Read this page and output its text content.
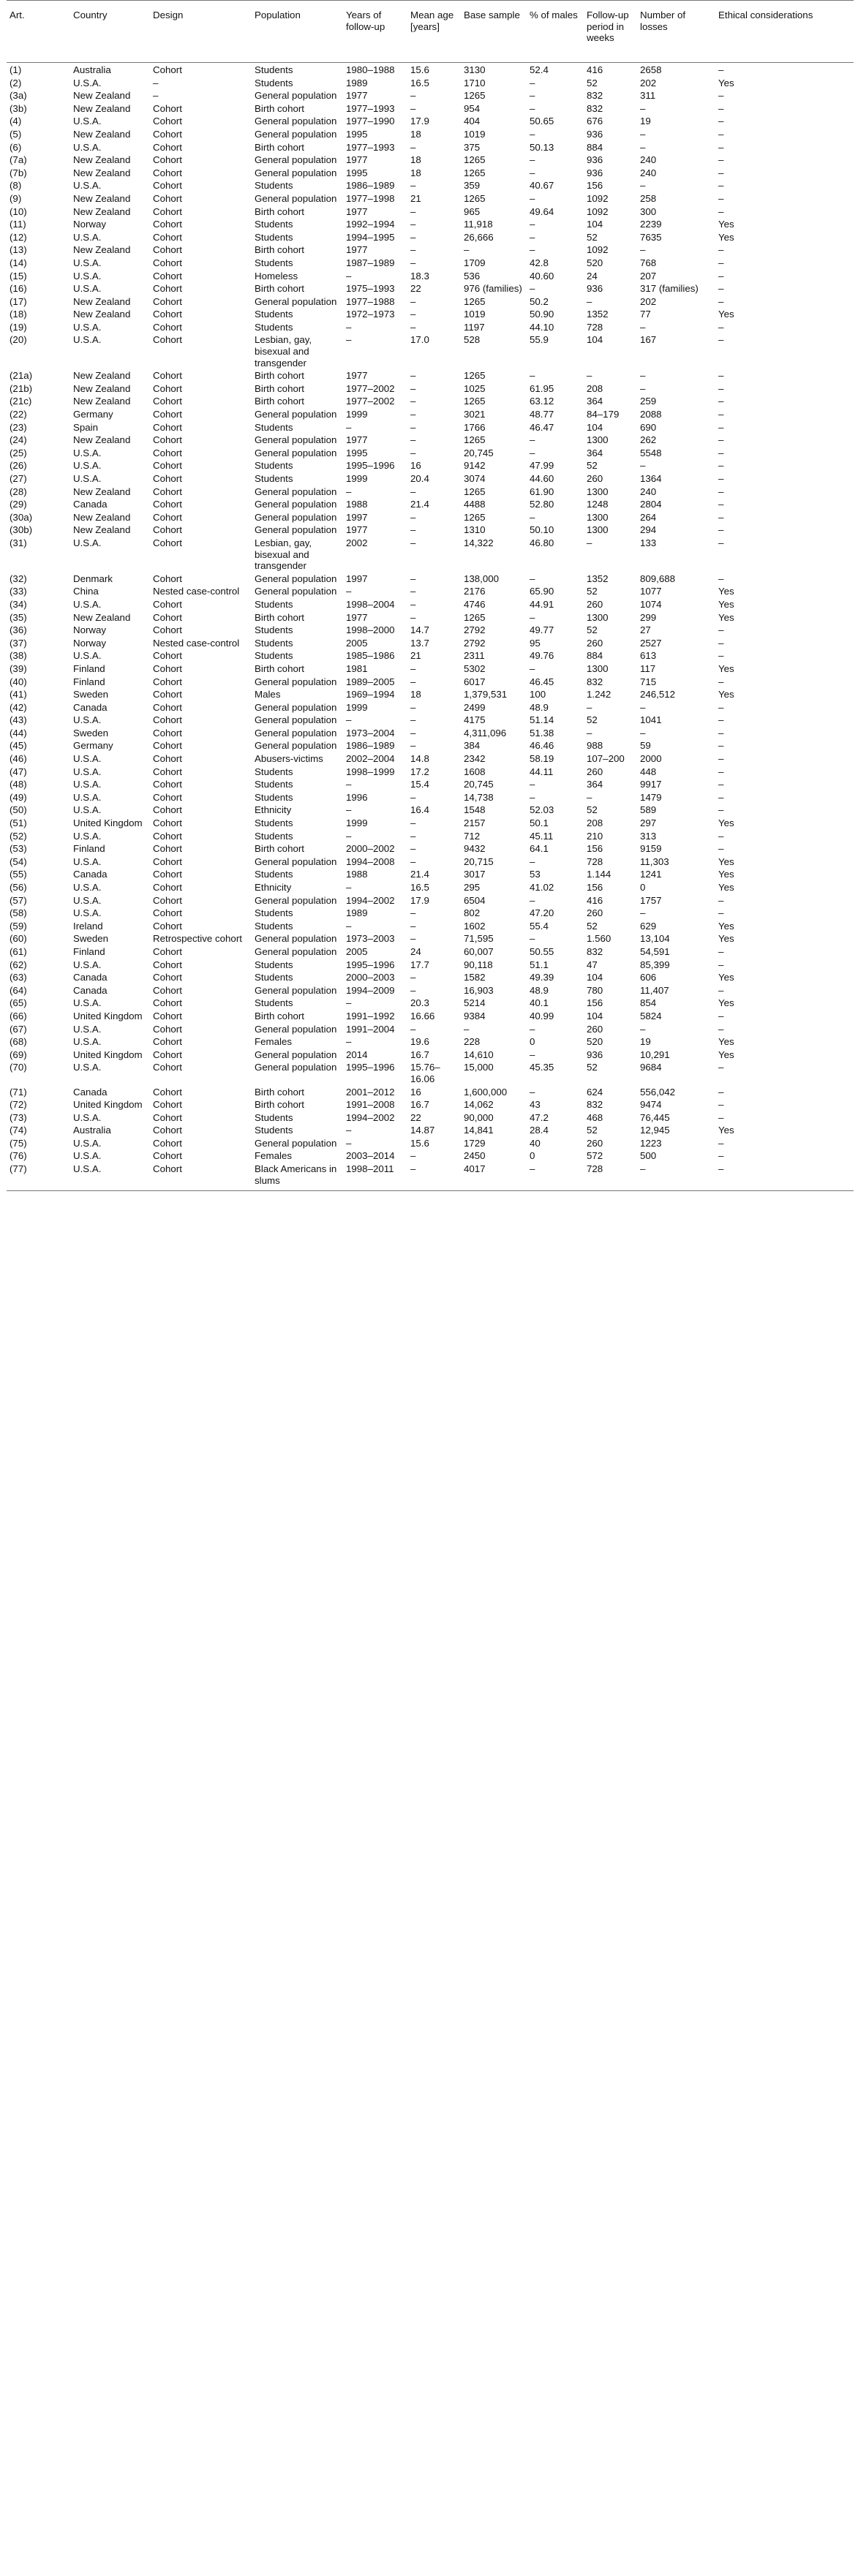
Art.	Country	Design	Population	Years of follow-up	Mean age [years]	Base sample	% of males	Follow-up period in weeks	Number of losses	Ethical considerations
(1)	Australia	Cohort	Students	1980–1988	15.6	3130	52.4	416	2658	–
(2)	U.S.A.	–	Students	1989	16.5	1710	–	52	202	Yes
(3a)	New Zealand	–	General population	1977	–	1265	–	832	311	–
(3b)	New Zealand	Cohort	Birth cohort	1977–1993	–	954	–	832	–	–
(4)	U.S.A.	Cohort	General population	1977–1990	17.9	404	50.65	676	19	–
(5)	New Zealand	Cohort	General population	1995	18	1019	–	936	–	–
(6)	U.S.A.	Cohort	Birth cohort	1977–1993	–	375	50.13	884	–	–
(7a)	New Zealand	Cohort	General population	1977	18	1265	–	936	240	–
(7b)	New Zealand	Cohort	General population	1995	18	1265	–	936	240	–
(8)	U.S.A.	Cohort	Students	1986–1989	–	359	40.67	156	–	–
(9)	New Zealand	Cohort	General population	1977–1998	21	1265	–	1092	258	–
(10)	New Zealand	Cohort	Birth cohort	1977	–	965	49.64	1092	300	–
(11)	Norway	Cohort	Students	1992–1994	–	11,918	–	104	2239	Yes
(12)	U.S.A.	Cohort	Students	1994–1995	–	26,666	–	52	7635	Yes
(13)	New Zealand	Cohort	Birth cohort	1977	–	–	–	1092	–	–
(14)	U.S.A.	Cohort	Students	1987–1989	–	1709	42.8	520	768	–
(15)	U.S.A.	Cohort	Homeless	–	18.3	536	40.60	24	207	–
(16)	U.S.A.	Cohort	Birth cohort	1975–1993	22	976 (families)	–	936	317 (families)	–
(17)	New Zealand	Cohort	General population	1977–1988	–	1265	50.2	–	202	–
(18)	New Zealand	Cohort	Students	1972–1973	–	1019	50.90	1352	77	Yes
(19)	U.S.A.	Cohort	Students	–	–	1197	44.10	728	–	–
(20)	U.S.A.	Cohort	Lesbian, gay, bisexual and transgender	–	17.0	528	55.9	104	167	–
(21a)	New Zealand	Cohort	Birth cohort	1977	–	1265	–	–	–	–
(21b)	New Zealand	Cohort	Birth cohort	1977–2002	–	1025	61.95	208	–	–
(21c)	New Zealand	Cohort	Birth cohort	1977–2002	–	1265	63.12	364	259	–
(22)	Germany	Cohort	General population	1999	–	3021	48.77	84–179	2088	–
(23)	Spain	Cohort	Students	–	–	1766	46.47	104	690	–
(24)	New Zealand	Cohort	General population	1977	–	1265	–	1300	262	–
(25)	U.S.A.	Cohort	General population	1995	–	20,745	–	364	5548	–
(26)	U.S.A.	Cohort	Students	1995–1996	16	9142	47.99	52	–	–
(27)	U.S.A.	Cohort	Students	1999	20.4	3074	44.60	260	1364	–
(28)	New Zealand	Cohort	General population	–	–	1265	61.90	1300	240	–
(29)	Canada	Cohort	General population	1988	21.4	4488	52.80	1248	2804	–
(30a)	New Zealand	Cohort	General population	1997	–	1265	–	1300	264	–
(30b)	New Zealand	Cohort	General population	1977	–	1310	50.10	1300	294	–
(31)	U.S.A.	Cohort	Lesbian, gay, bisexual and transgender	2002	–	14,322	46.80	–	133	–
(32)	Denmark	Cohort	General population	1997	–	138,000	–	1352	809,688	–
(33)	China	Nested case-control	General population	–	–	2176	65.90	52	1077	Yes
(34)	U.S.A.	Cohort	Students	1998–2004	–	4746	44.91	260	1074	Yes
(35)	New Zealand	Cohort	Birth cohort	1977	–	1265	–	1300	299	Yes
(36)	Norway	Cohort	Students	1998–2000	14.7	2792	49.77	52	27	–
(37)	Norway	Nested case-control	Students	2005	13.7	2792	95	260	2527	–
(38)	U.S.A.	Cohort	Students	1985–1986	21	2311	49.76	884	613	–
(39)	Finland	Cohort	Birth cohort	1981	–	5302	–	1300	117	Yes
(40)	Finland	Cohort	General population	1989–2005	–	6017	46.45	832	715	–
(41)	Sweden	Cohort	Males	1969–1994	18	1,379,531	100	1.242	246,512	Yes
(42)	Canada	Cohort	General population	1999	–	2499	48.9	–	–	–
(43)	U.S.A.	Cohort	General population	–	–	4175	51.14	52	1041	–
(44)	Sweden	Cohort	General population	1973–2004	–	4,311,096	51.38	–	–	–
(45)	Germany	Cohort	General population	1986–1989	–	384	46.46	988	59	–
(46)	U.S.A.	Cohort	Abusers-victims	2002–2004	14.8	2342	58.19	107–200	2000	–
(47)	U.S.A.	Cohort	Students	1998–1999	17.2	1608	44.11	260	448	–
(48)	U.S.A.	Cohort	Students	–	15.4	20,745	–	364	9917	–
(49)	U.S.A.	Cohort	Students	1996	–	14,738	–	–	1479	–
(50)	U.S.A.	Cohort	Ethnicity	–	16.4	1548	52.03	52	589	–
(51)	United Kingdom	Cohort	Students	1999	–	2157	50.1	208	297	Yes
(52)	U.S.A.	Cohort	Students	–	–	712	45.11	210	313	–
(53)	Finland	Cohort	Birth cohort	2000–2002	–	9432	64.1	156	9159	–
(54)	U.S.A.	Cohort	General population	1994–2008	–	20,715	–	728	11,303	Yes
(55)	Canada	Cohort	Students	1988	21.4	3017	53	1.144	1241	Yes
(56)	U.S.A.	Cohort	Ethnicity	–	16.5	295	41.02	156	0	Yes
(57)	U.S.A.	Cohort	General population	1994–2002	17.9	6504	–	416	1757	–
(58)	U.S.A.	Cohort	Students	1989	–	802	47.20	260	–	–
(59)	Ireland	Cohort	Students	–	–	1602	55.4	52	629	Yes
(60)	Sweden	Retrospective cohort	General population	1973–2003	–	71,595	–	1.560	13,104	Yes
(61)	Finland	Cohort	General population	2005	24	60,007	50.55	832	54,591	–
(62)	U.S.A.	Cohort	Students	1995–1996	17.7	90,118	51.1	47	85,399	–
(63)	Canada	Cohort	Students	2000–2003	–	1582	49.39	104	606	Yes
(64)	Canada	Cohort	General population	1994–2009	–	16,903	48.9	780	11,407	–
(65)	U.S.A.	Cohort	Students	–	20.3	5214	40.1	156	854	Yes
(66)	United Kingdom	Cohort	Birth cohort	1991–1992	16.66	9384	40.99	104	5824	–
(67)	U.S.A.	Cohort	General population	1991–2004	–	–	–	260	–	–
(68)	U.S.A.	Cohort	Females	–	19.6	228	0	520	19	Yes
(69)	United Kingdom	Cohort	General population	2014	16.7	14,610	–	936	10,291	Yes
(70)	U.S.A.	Cohort	General population	1995–1996	15.76–16.06	15,000	45.35	52	9684	–
(71)	Canada	Cohort	Birth cohort	2001–2012	16	1,600,000	–	624	556,042	–
(72)	United Kingdom	Cohort	Birth cohort	1991–2008	16.7	14,062	43	832	9474	–
(73)	U.S.A.	Cohort	Students	1994–2002	22	90,000	47.2	468	76,445	–
(74)	Australia	Cohort	Students	–	14.87	14,841	28.4	52	12,945	Yes
(75)	U.S.A.	Cohort	General population	–	15.6	1729	40	260	1223	–
(76)	U.S.A.	Cohort	Females	2003–2014	–	2450	0	572	500	–
(77)	U.S.A.	Cohort	Black Americans in slums	1998–2011	–	4017	–	728	–	–
